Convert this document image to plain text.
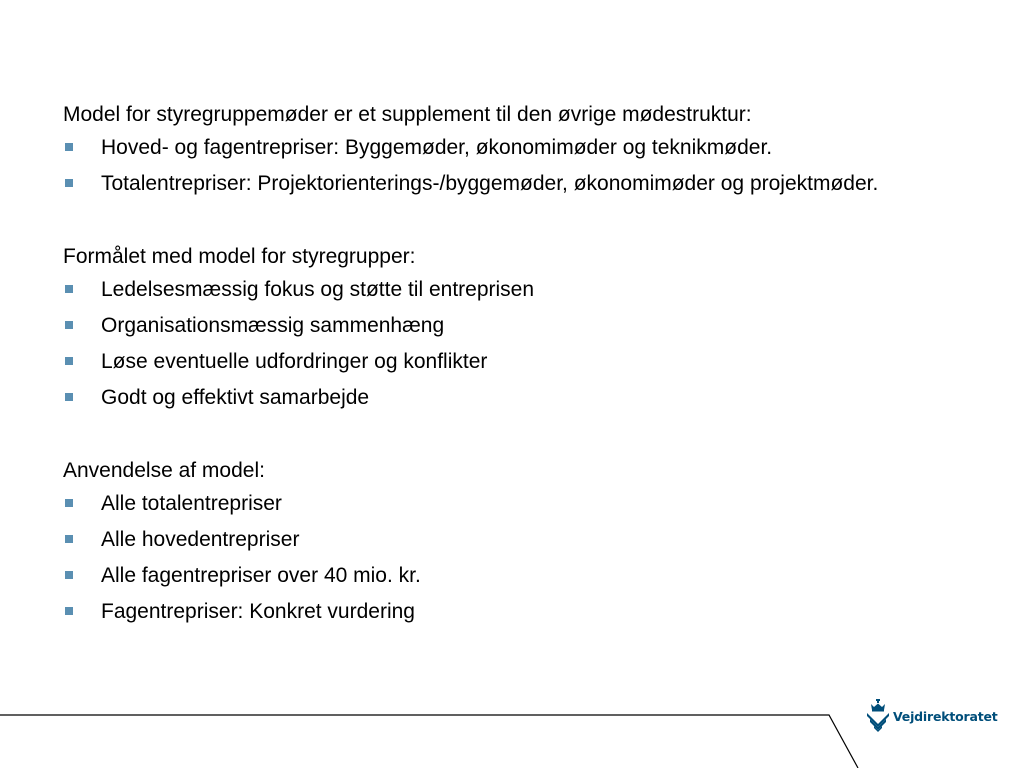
Model for styregruppemøder er et supplement til den øvrige mødestruktur:

Hoved- og fagentrepriser: Byggemøder, økonomimøder og teknikmøder.
Totalentrepriser: Projektorienterings-/byggemøder, økonomimøder og projektmøder.

Formålet med model for styregrupper:

Ledelsesmæssig fokus og støtte til entreprisen
Organisationsmæssig sammenhæng
Løse eventuelle udfordringer og konflikter
Godt og effektivt samarbejde

Anvendelse af model:

Alle totalentrepriser
Alle hovedentrepriser
Alle fagentrepriser over 40 mio. kr.
Fagentrepriser: Konkret vurdering
Vejdirektoratet
